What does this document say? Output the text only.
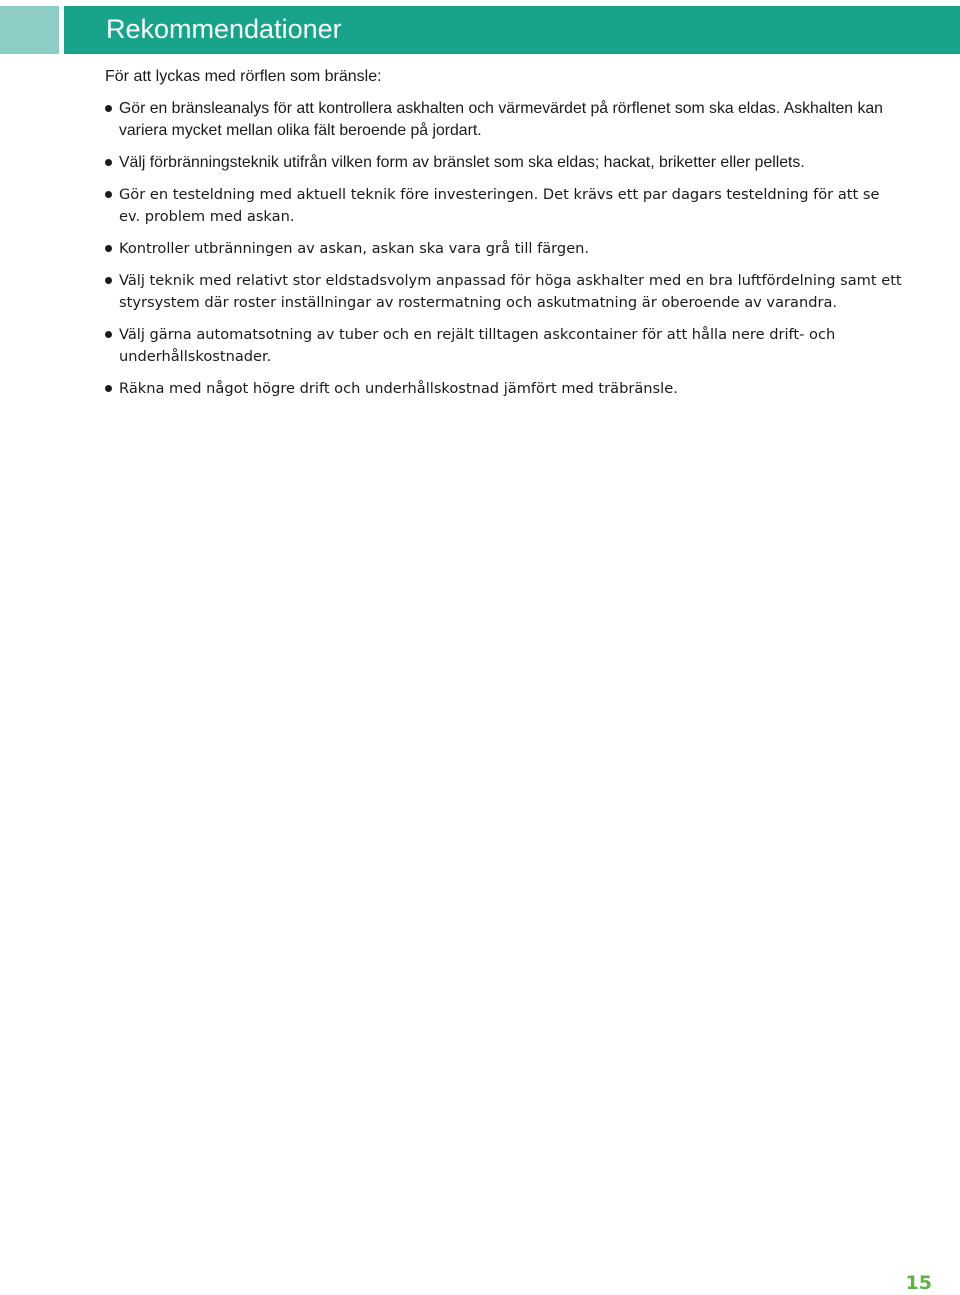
Rekommendationer

För att lyckas med rörflen som bränsle:

Gör en bränsleanalys för att kontrollera askhalten och värmevärdet på rörflenet som ska eldas. Askhalten kan variera mycket mellan olika fält beroende på jordart.
Välj förbränningsteknik utifrån vilken form av bränslet som ska eldas; hackat, briketter eller pellets.
Gör en testeldning med aktuell teknik före investeringen. Det krävs ett par dagars testeldning för att se ev. problem med askan.
Kontroller utbränningen av askan, askan ska vara grå till färgen.
Välj teknik med relativt stor eldstadsvolym anpassad för höga askhalter med en bra luftfördelning samt ett styrsystem där roster inställningar av rostermatning och askutmatning är oberoende av varandra.
Välj gärna automatsotning av tuber och en rejält tilltagen askcontainer för att hålla nere drift- och underhållskostnader.
Räkna med något högre drift och underhållskostnad jämfört med träbränsle.

15
